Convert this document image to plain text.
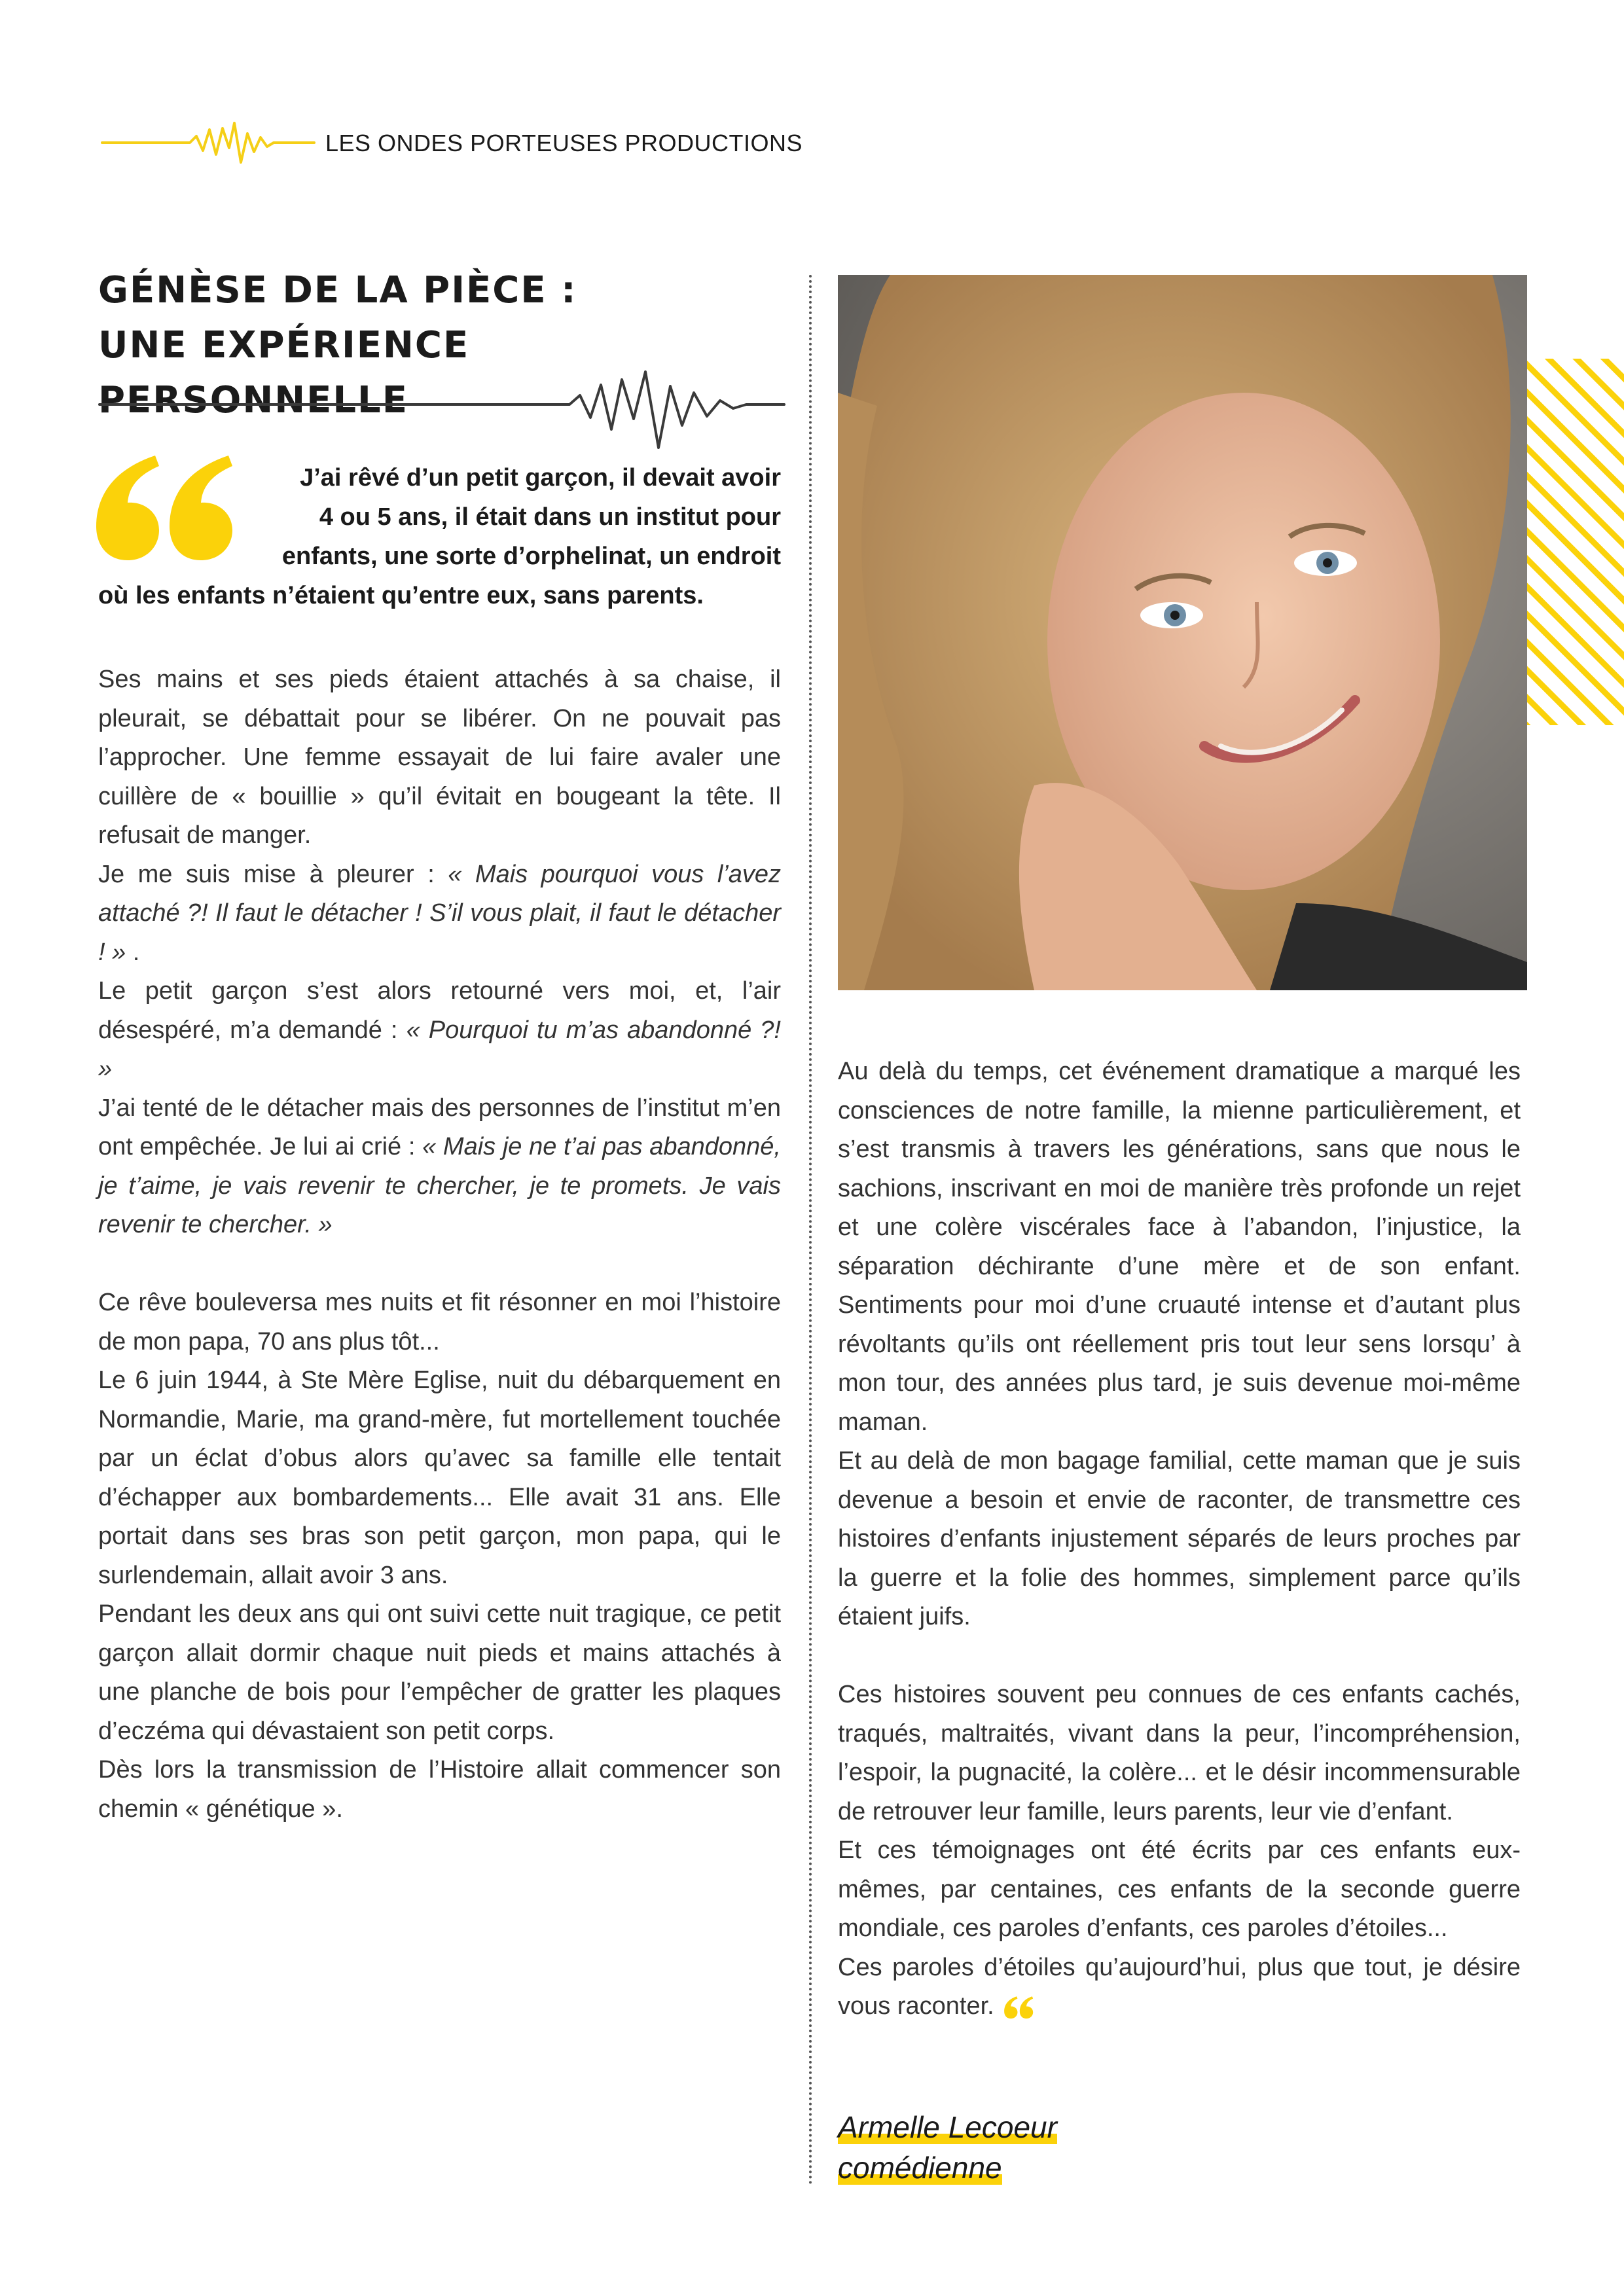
LES ONDES PORTEUSES PRODUCTIONS
GÉNÈSE DE LA PIÈCE :
UNE EXPÉRIENCE PERSONNELLE
J’ai rêvé d’un petit garçon, il devait avoir
4 ou 5 ans, il était dans un institut pour
enfants, une sorte d’orphelinat, un endroit
où les enfants n’étaient qu’entre eux, sans parents.

Ses mains et ses pieds étaient attachés à sa chaise, il pleurait, se débattait pour se libérer. On ne pouvait pas l’approcher. Une femme essayait de lui faire avaler une cuillère de « bouillie » qu’il évitait en bougeant la tête. Il refusait de manger.

Je me suis mise à pleurer : « Mais pourquoi vous l’avez attaché ?! Il faut le détacher ! S’il vous plait, il faut le détacher ! » .

Le petit garçon s’est alors retourné vers moi, et, l’air désespéré, m’a demandé : « Pourquoi tu m’as abandonné ?! »

J’ai tenté de le détacher mais des personnes de l’institut m’en ont empêchée. Je lui ai crié : « Mais je ne t’ai pas abandonné, je t’aime, je vais revenir te chercher, je te promets. Je vais revenir te chercher. »

Ce rêve bouleversa mes nuits et fit résonner en moi l’histoire de mon papa, 70 ans plus tôt...

Le 6 juin 1944, à Ste Mère Eglise, nuit du débarquement en Normandie, Marie, ma grand-mère, fut mortellement touchée par un éclat d’obus alors qu’avec sa famille elle tentait d’échapper aux bombardements... Elle avait 31 ans. Elle portait dans ses bras son petit garçon, mon papa, qui le surlendemain, allait avoir 3 ans.

Pendant les deux ans qui ont suivi cette nuit tragique, ce petit garçon allait dormir chaque nuit pieds et mains attachés à une planche de bois pour l’empêcher de gratter les plaques d’eczéma qui dévastaient son petit corps.

Dès lors la transmission de l’Histoire allait commencer son chemin « génétique ».

Au delà du temps, cet événement dramatique a marqué les consciences de notre famille, la mienne particulièrement, et s’est transmis à travers les générations, sans que nous le sachions, inscrivant en moi de manière très profonde un rejet et une colère viscérales face à l’abandon, l’injustice, la séparation déchirante d’une mère et de son enfant. Sentiments pour moi d’une cruauté intense et d’autant plus révoltants qu’ils ont réellement pris tout leur sens lorsqu’ à mon tour, des années plus tard, je suis devenue moi-même maman.

Et au delà de mon bagage familial, cette maman que je suis devenue a besoin et envie de raconter, de transmettre ces histoires d’enfants injustement séparés de leurs proches par la guerre et la folie des hommes, simplement parce qu’ils étaient juifs.

Ces histoires souvent peu connues de ces enfants cachés, traqués, maltraités, vivant dans la peur, l’incompréhension, l’espoir, la pugnacité, la colère... et le désir incommensurable de retrouver leur famille, leurs parents, leur vie d’enfant.

Et ces témoignages ont été écrits par ces enfants eux-mêmes, par centaines, ces enfants de la seconde guerre mondiale, ces paroles d’enfants, ces paroles d’étoiles...

Ces paroles d’étoiles qu’aujourd’hui, plus que tout, je désire vous raconter.

Armelle Lecoeur
comédienne
